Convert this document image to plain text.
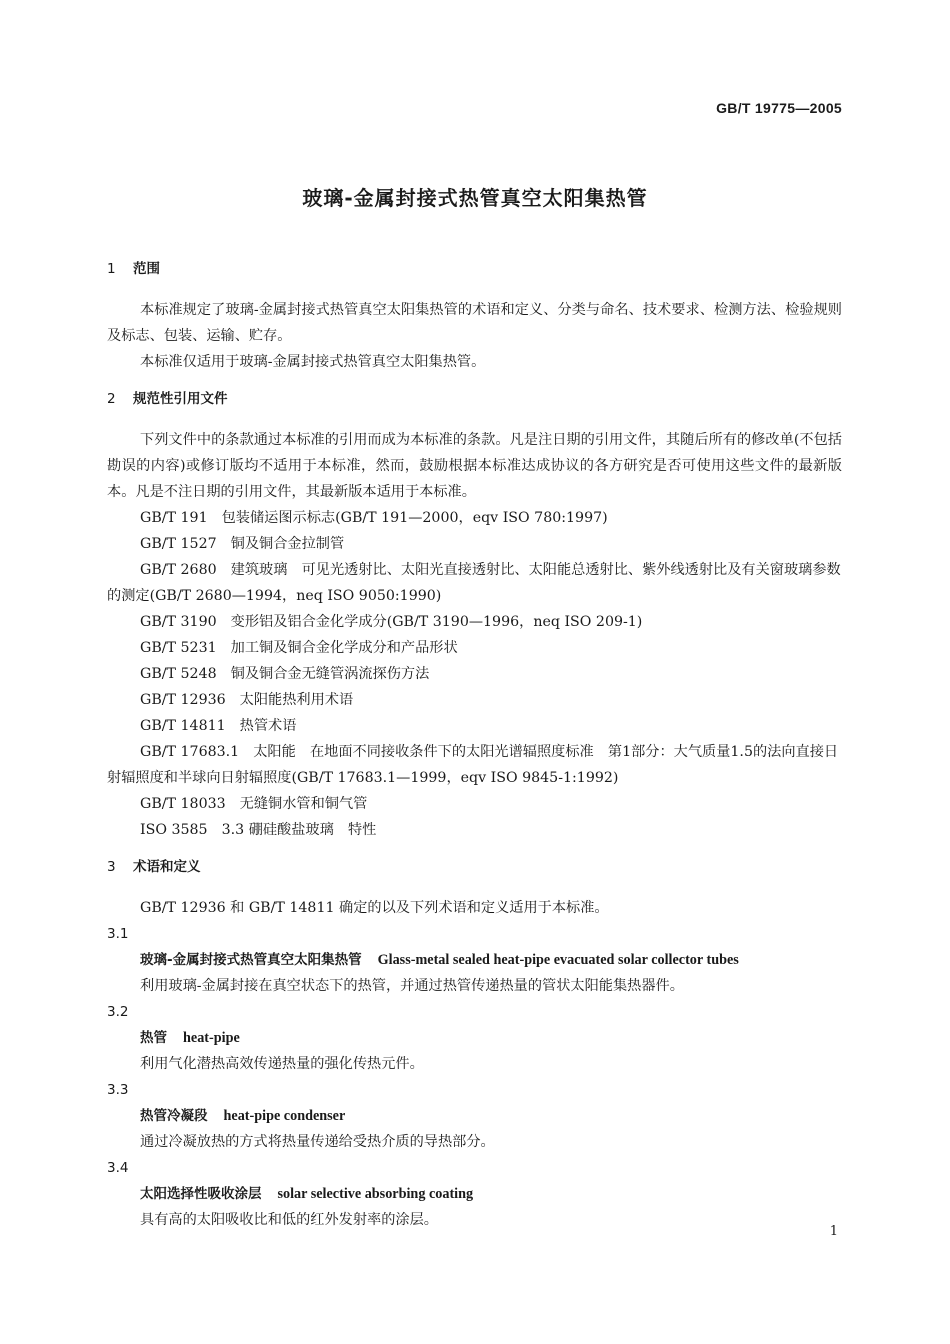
GB/T 19775—2005
玻璃-金属封接式热管真空太阳集热管
1 范围
本标准规定了玻璃-金属封接式热管真空太阳集热管的术语和定义、分类与命名、技术要求、检测方法、检验规则及标志、包装、运输、贮存。
本标准仅适用于玻璃-金属封接式热管真空太阳集热管。
2 规范性引用文件
下列文件中的条款通过本标准的引用而成为本标准的条款。凡是注日期的引用文件，其随后所有的修改单(不包括勘误的内容)或修订版均不适用于本标准，然而，鼓励根据本标准达成协议的各方研究是否可使用这些文件的最新版本。凡是不注日期的引用文件，其最新版本适用于本标准。
GB/T 191 包装储运图示标志(GB/T 191—2000，eqv ISO 780:1997)
GB/T 1527 铜及铜合金拉制管
GB/T 2680 建筑玻璃　可见光透射比、太阳光直接透射比、太阳能总透射比、紫外线透射比及有关窗玻璃参数的测定(GB/T 2680—1994，neq ISO 9050:1990)
GB/T 3190 变形铝及铝合金化学成分(GB/T 3190—1996，neq ISO 209-1)
GB/T 5231 加工铜及铜合金化学成分和产品形状
GB/T 5248 铜及铜合金无缝管涡流探伤方法
GB/T 12936 太阳能热利用术语
GB/T 14811 热管术语
GB/T 17683.1 太阳能　在地面不同接收条件下的太阳光谱辐照度标准　第1部分：大气质量1.5的法向直接日射辐照度和半球向日射辐照度(GB/T 17683.1—1999，eqv ISO 9845-1:1992)
GB/T 18033 无缝铜水管和铜气管
ISO 3585 3.3 硼硅酸盐玻璃　特性
3 术语和定义
GB/T 12936 和 GB/T 14811 确定的以及下列术语和定义适用于本标准。
3.1
玻璃-金属封接式热管真空太阳集热管 Glass-metal sealed heat-pipe evacuated solar collector tubes
利用玻璃-金属封接在真空状态下的热管，并通过热管传递热量的管状太阳能集热器件。
3.2
热管 heat-pipe
利用气化潜热高效传递热量的强化传热元件。
3.3
热管冷凝段 heat-pipe condenser
通过冷凝放热的方式将热量传递给受热介质的导热部分。
3.4
太阳选择性吸收涂层 solar selective absorbing coating
具有高的太阳吸收比和低的红外发射率的涂层。
1
